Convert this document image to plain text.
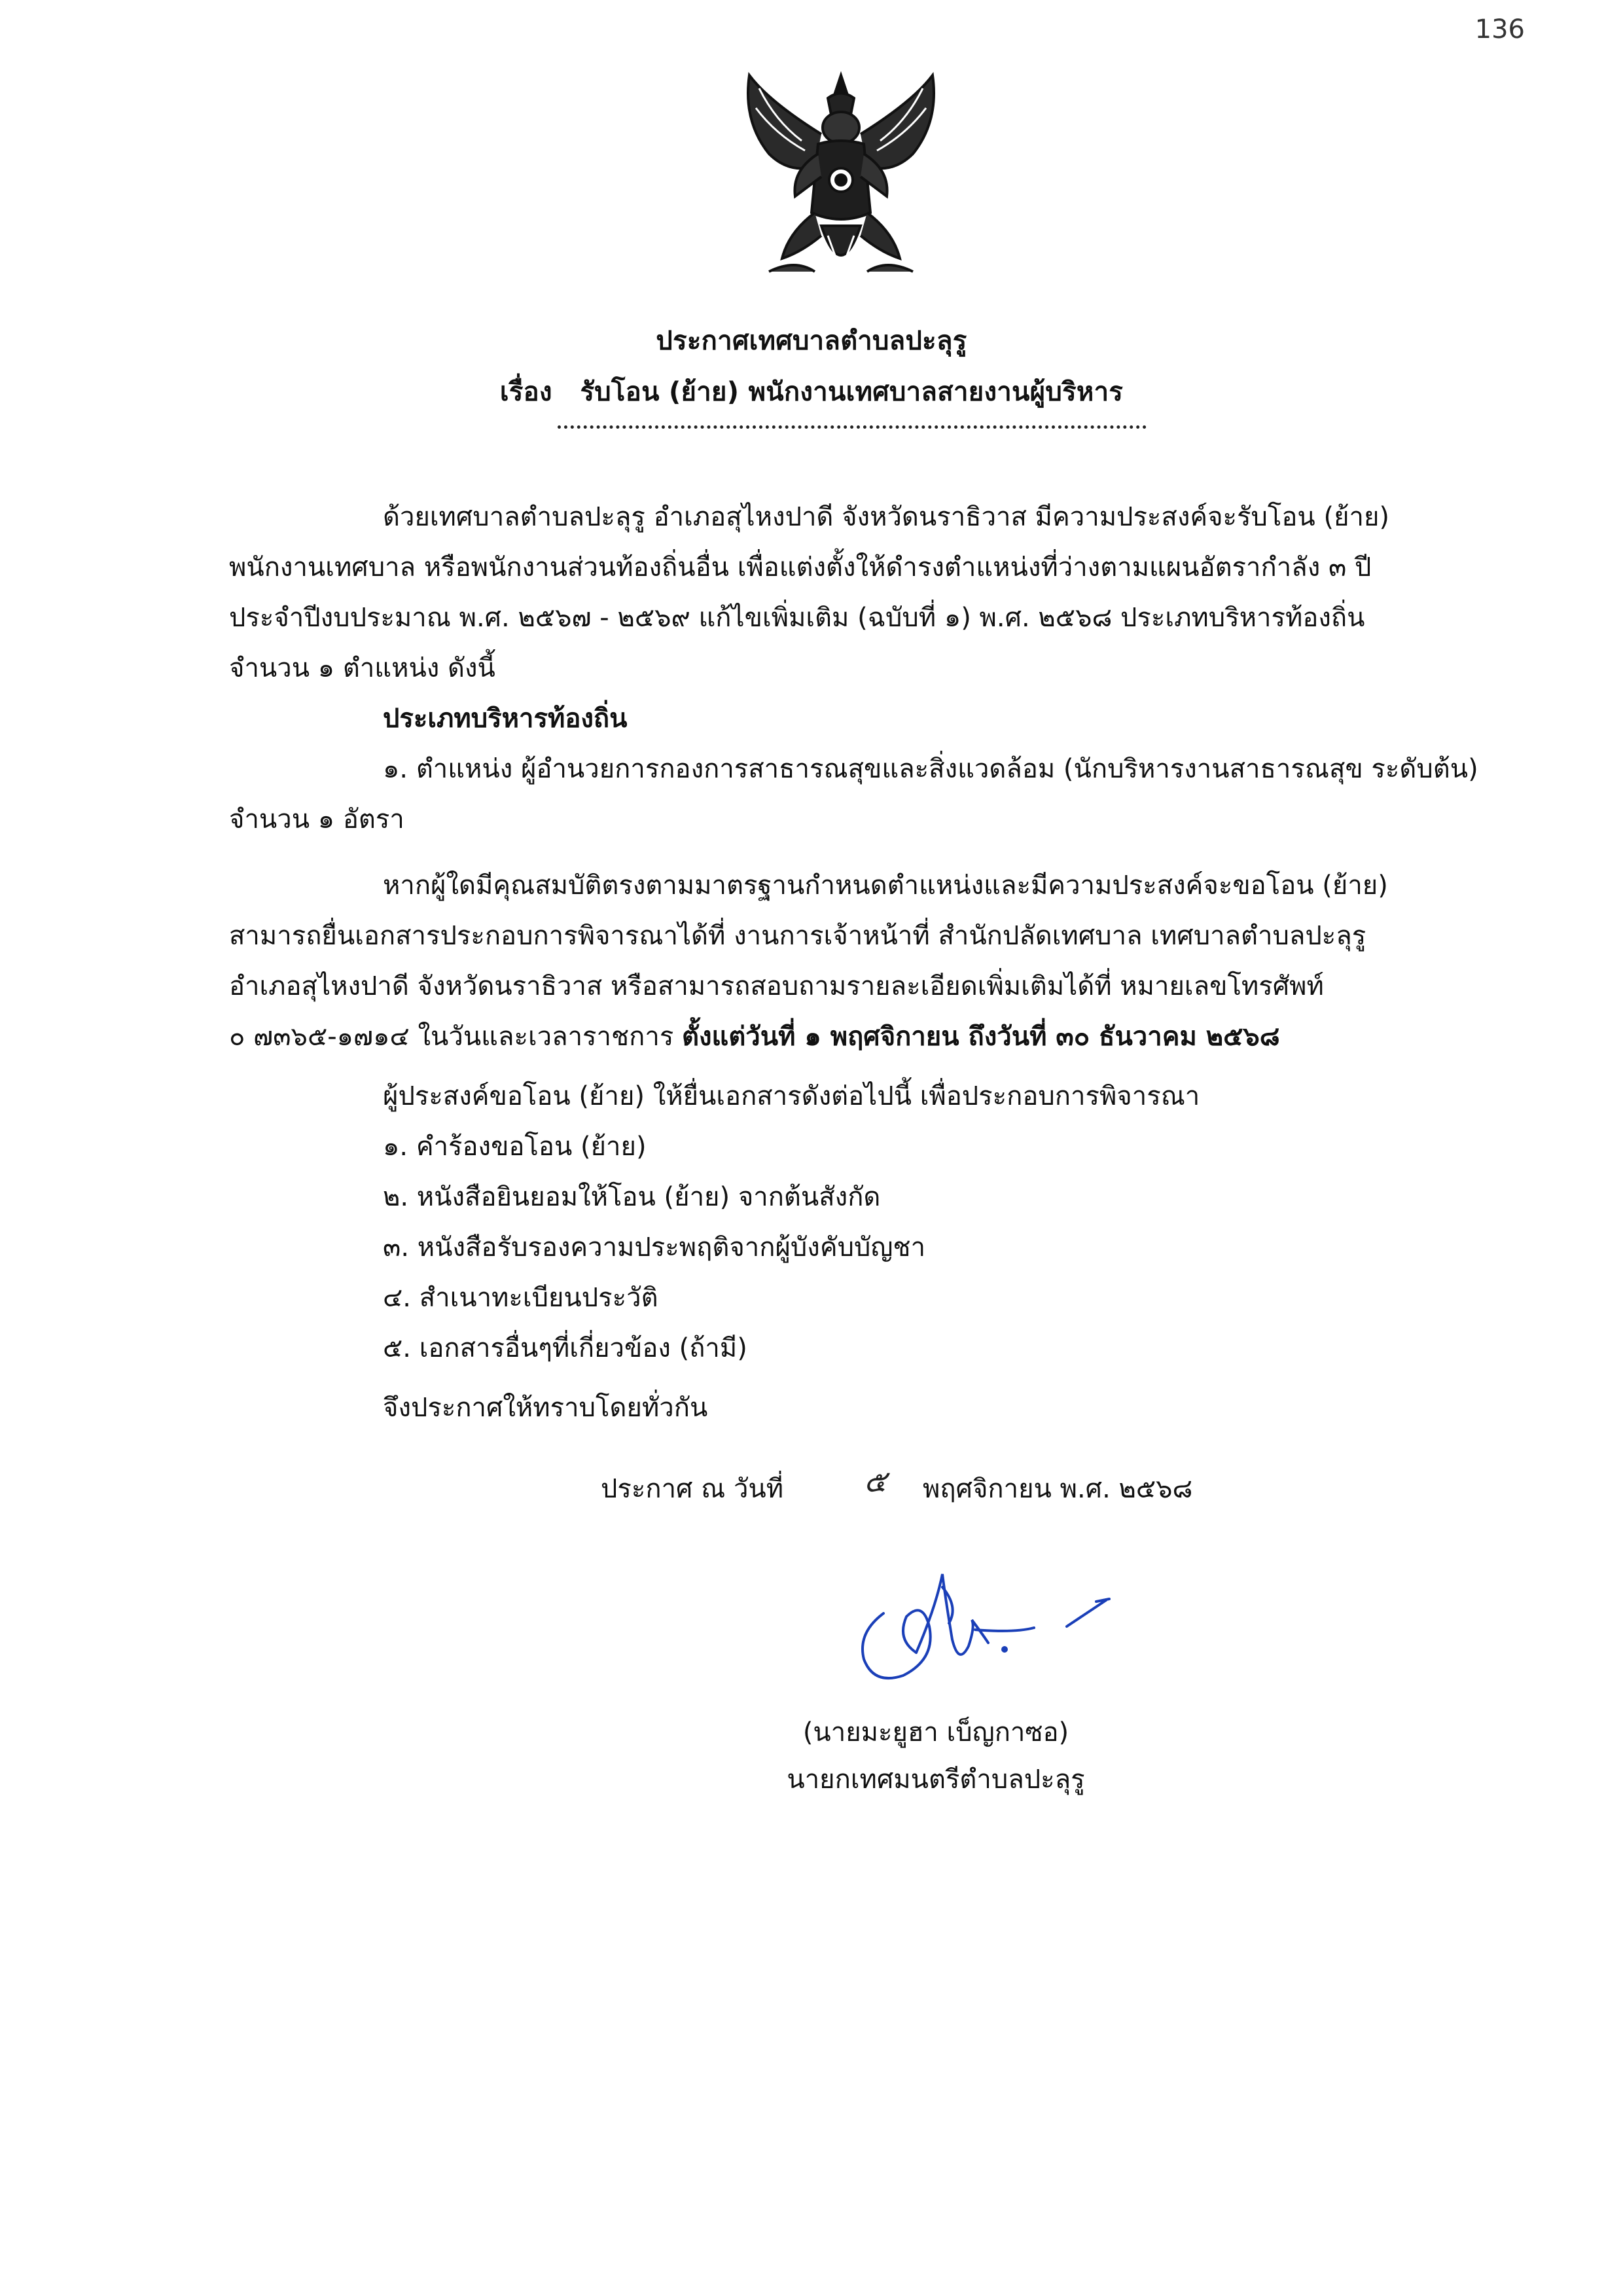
136
ประกาศเทศบาลตำบลปะลุรู
เรื่อง รับโอน (ย้าย) พนักงานเทศบาลสายงานผู้บริหาร
ด้วยเทศบาลตำบลปะลุรู อำเภอสุไหงปาดี จังหวัดนราธิวาส มีความประสงค์จะรับโอน (ย้าย)
พนักงานเทศบาล หรือพนักงานส่วนท้องถิ่นอื่น เพื่อแต่งตั้งให้ดำรงตำแหน่งที่ว่างตามแผนอัตรากำลัง ๓ ปี
ประจำปีงบประมาณ พ.ศ. ๒๕๖๗ - ๒๕๖๙ แก้ไขเพิ่มเติม (ฉบับที่ ๑) พ.ศ. ๒๕๖๘ ประเภทบริหารท้องถิ่น
จำนวน ๑ ตำแหน่ง ดังนี้
ประเภทบริหารท้องถิ่น
๑. ตำแหน่ง ผู้อำนวยการกองการสาธารณสุขและสิ่งแวดล้อม (นักบริหารงานสาธารณสุข ระดับต้น)
จำนวน ๑ อัตรา
หากผู้ใดมีคุณสมบัติตรงตามมาตรฐานกำหนดตำแหน่งและมีความประสงค์จะขอโอน (ย้าย)
สามารถยื่นเอกสารประกอบการพิจารณาได้ที่ งานการเจ้าหน้าที่ สำนักปลัดเทศบาล เทศบาลตำบลปะลุรู
อำเภอสุไหงปาดี จังหวัดนราธิวาส หรือสามารถสอบถามรายละเอียดเพิ่มเติมได้ที่ หมายเลขโทรศัพท์
๐ ๗๓๖๕-๑๗๑๔ ในวันและเวลาราชการ ตั้งแต่วันที่ ๑ พฤศจิกายน ถึงวันที่ ๓๐ ธันวาคม ๒๕๖๘
ผู้ประสงค์ขอโอน (ย้าย) ให้ยื่นเอกสารดังต่อไปนี้ เพื่อประกอบการพิจารณา
๑. คำร้องขอโอน (ย้าย)
๒. หนังสือยินยอมให้โอน (ย้าย) จากต้นสังกัด
๓. หนังสือรับรองความประพฤติจากผู้บังคับบัญชา
๔. สำเนาทะเบียนประวัติ
๕. เอกสารอื่นๆที่เกี่ยวข้อง (ถ้ามี)
จึงประกาศให้ทราบโดยทั่วกัน
ประกาศ ณ วันที่	๕ พฤศจิกายน พ.ศ. ๒๕๖๘
(นายมะยูฮา เบ็ญกาซอ)
นายกเทศมนตรีตำบลปะลุรู
